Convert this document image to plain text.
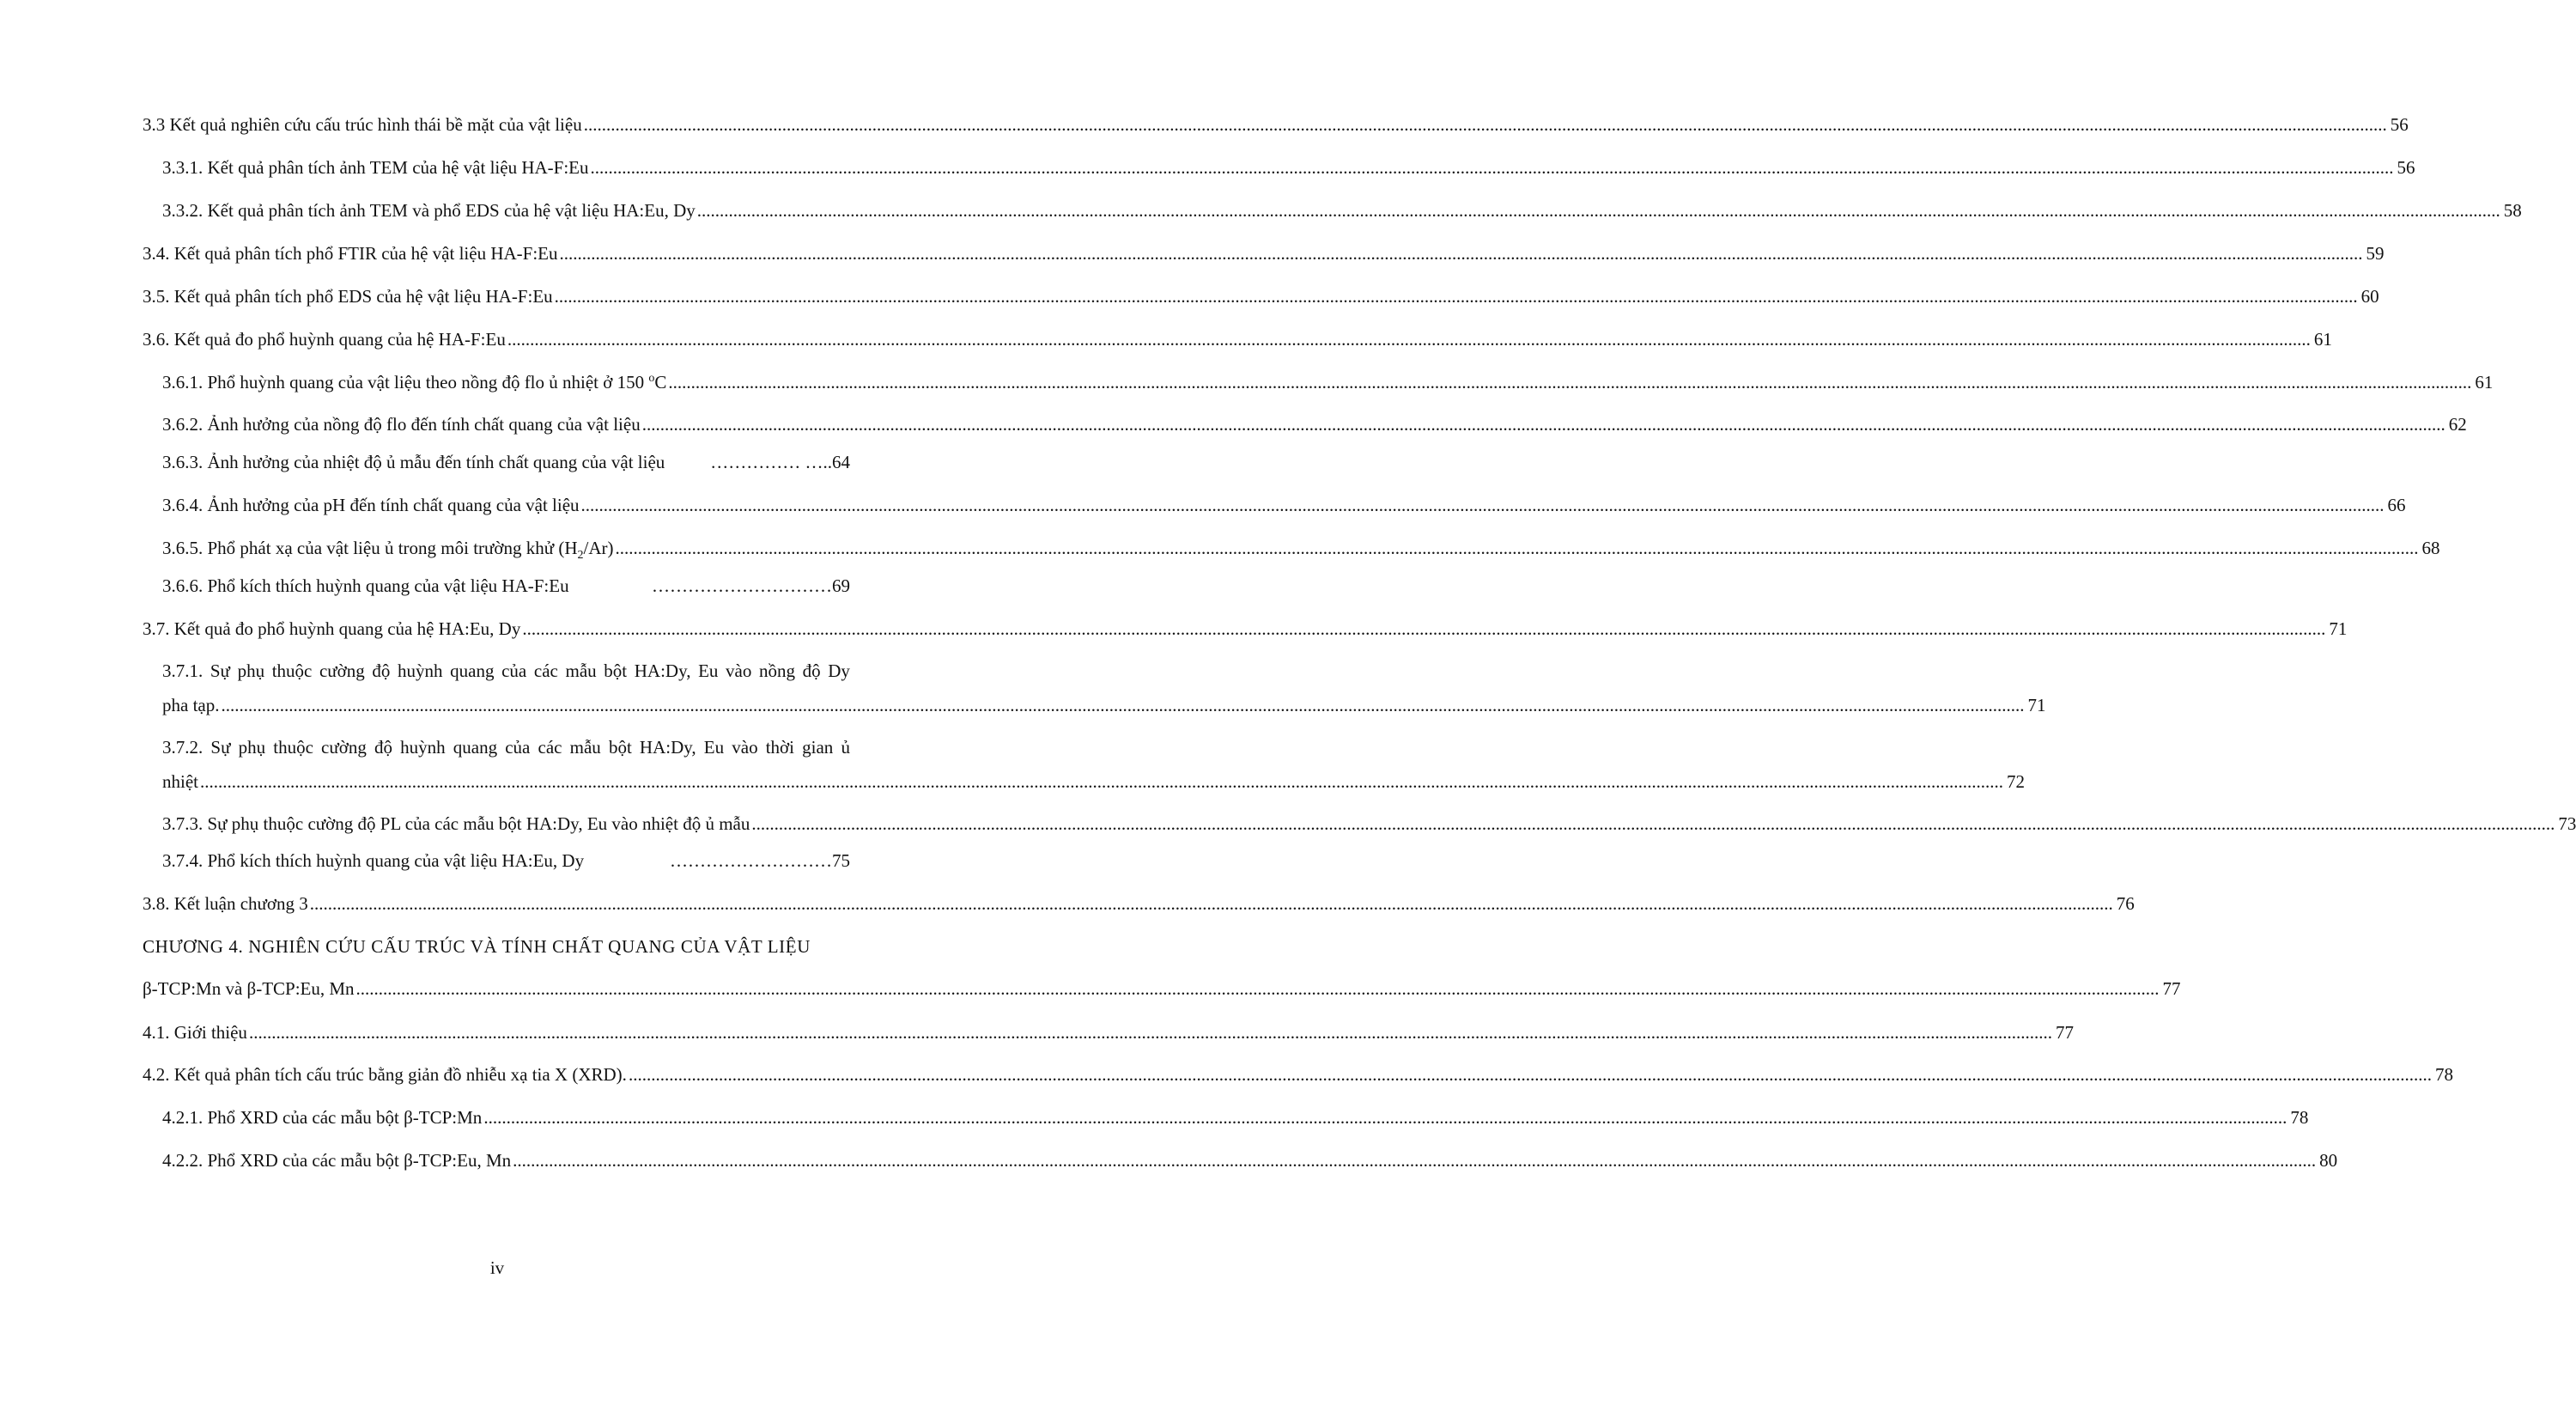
3.3 Kết quả nghiên cứu cấu trúc hình thái bề mặt của vật liệu ................................................................................................................................................................................................................................................................................................................................................................................................................ 56
3.3.1. Kết quả phân tích ảnh TEM của hệ vật liệu HA-F:Eu ................................................................................................................................................................................................................................................................................................................................................................................................................ 56
3.3.2. Kết quả phân tích ảnh TEM và phổ EDS của hệ vật liệu HA:Eu, Dy ................................................................................................................................................................................................................................................................................................................................................................................................................ 58
3.4. Kết quả phân tích phổ FTIR của hệ vật liệu HA-F:Eu ................................................................................................................................................................................................................................................................................................................................................................................................................ 59
3.5. Kết quả phân tích phổ EDS của hệ vật liệu HA-F:Eu ................................................................................................................................................................................................................................................................................................................................................................................................................ 60
3.6. Kết quả đo phổ huỳnh quang của hệ HA-F:Eu ................................................................................................................................................................................................................................................................................................................................................................................................................ 61
3.6.1. Phổ huỳnh quang của vật liệu theo nồng độ flo ủ nhiệt ở 150 $^o$C ................................................................................................................................................................................................................................................................................................................................................................................................................ 61
3.6.2. Ảnh hưởng của nồng độ flo đến tính chất quang của vật liệu ................................................................................................................................................................................................................................................................................................................................................................................................................ 62
3.6.3. Ảnh hưởng của nhiệt độ ủ mẫu đến tính chất quang của vật liệu	…………… ….. 64
3.6.4. Ảnh hưởng của pH đến tính chất quang của vật liệu ................................................................................................................................................................................................................................................................................................................................................................................................................ 66
3.6.5. Phổ phát xạ của vật liệu ủ trong môi trường khử $(H_2/Ar)$ ................................................................................................................................................................................................................................................................................................................................................................................................................ 68
3.6.6. Phổ kích thích huỳnh quang của vật liệu HA-F:Eu	………………………… 69
3.7. Kết quả đo phổ huỳnh quang của hệ HA:Eu, Dy ................................................................................................................................................................................................................................................................................................................................................................................................................ 71
3.7.1. Sự phụ thuộc cường độ huỳnh quang của các mẫu bột HA:Dy, Eu vào nồng độ Dy
pha tạp. ................................................................................................................................................................................................................................................................................................................................................................................................................ 71
3.7.2. Sự phụ thuộc cường độ huỳnh quang của các mẫu bột HA:Dy, Eu vào thời gian ủ
nhiệt ................................................................................................................................................................................................................................................................................................................................................................................................................ 72
3.7.3. Sự phụ thuộc cường độ PL của các mẫu bột HA:Dy, Eu vào nhiệt độ ủ mẫu ................................................................................................................................................................................................................................................................................................................................................................................................................ 73
3.7.4. Phổ kích thích huỳnh quang của vật liệu HA:Eu, Dy	……………………… 75
3.8. Kết luận chương 3 ................................................................................................................................................................................................................................................................................................................................................................................................................ 76
CHƯƠNG 4. NGHIÊN CỨU CẤU TRÚC VÀ TÍNH CHẤT QUANG CỦA VẬT LIỆU
β-TCP:Mn và β-TCP:Eu, Mn ................................................................................................................................................................................................................................................................................................................................................................................................................ 77
4.1. Giới thiệu ................................................................................................................................................................................................................................................................................................................................................................................................................ 77
4.2. Kết quả phân tích cấu trúc bằng giản đồ nhiễu xạ tia X (XRD). ................................................................................................................................................................................................................................................................................................................................................................................................................ 78
4.2.1. Phổ XRD của các mẫu bột β-TCP:Mn ................................................................................................................................................................................................................................................................................................................................................................................................................ 78
4.2.2. Phổ XRD của các mẫu bột β-TCP:Eu, Mn ................................................................................................................................................................................................................................................................................................................................................................................................................ 80
iv
